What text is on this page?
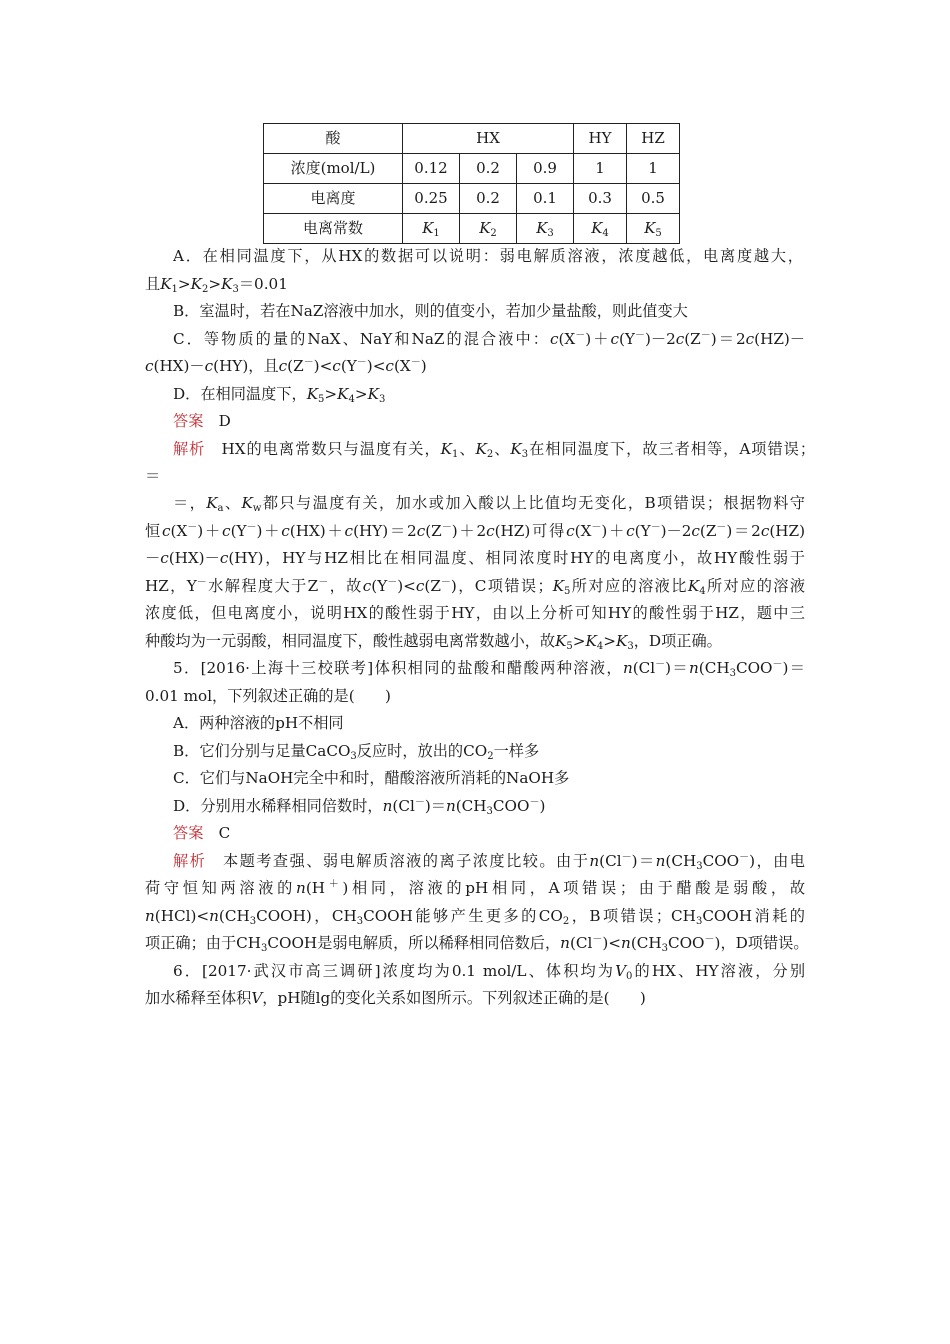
酸	HX			HY	HZ
浓度(mol/L)	0.12	0.2	0.9	1	1
电离度	0.25	0.2	0.1	0.3	0.5
电离常数	$K_1$	$K_2$	$K_3$	$K_4$	$K_5$
A．在相同温度下，从HX的数据可以说明：弱电解质溶液，浓度越低，电离度越大，
且$K_1>K_2>K_3=0.01$
B．室温时，若在NaZ溶液中加水，则的值变小，若加少量盐酸，则此值变大
C．等物质的量的NaX、NaY和NaZ的混合液中：c(X－)＋c(Y－)－2c(Z－)＝2c(HZ)－
c(HX)－c(HY)，且c(Z－)<c(Y－)<c(X－)
D．在相同温度下，$K_5>K_4>K_3$
答案　D
解析　HX的电离常数只与温度有关，$K_1$、$K_2$、$K_3$在相同温度下，故三者相等，A项错误；
＝
＝，$K_a$、$K_w$都只与温度有关，加水或加入酸以上比值均无变化，B项错误；根据物料守
恒c(X－)＋c(Y－)＋c(HX)＋c(HY)＝2c(Z－)＋2c(HZ)可得c(X－)＋c(Y－)－2c(Z－)＝2c(HZ)
－c(HX)－c(HY)，HY与HZ相比在相同温度、相同浓度时HY的电离度小，故HY酸性弱于
HZ，Y－水解程度大于Z－，故c(Y－)<c(Z－)，C项错误；$K_5$所对应的溶液比$K_4$所对应的溶液
浓度低，但电离度小，说明HX的酸性弱于HY，由以上分析可知HY的酸性弱于HZ，题中三
种酸均为一元弱酸，相同温度下，酸性越弱电离常数越小，故$K_5>K_4>K_3$，D项正确。
5．[2016·上海十三校联考]体积相同的盐酸和醋酸两种溶液，$n(Cl^-)=n(CH_3COO^-)=$
0.01 mol，下列叙述正确的是(　　)
A．两种溶液的pH不相同
B．它们分别与足量CaCO$_3$反应时，放出的$CO_2$一样多
C．它们与NaOH完全中和时，醋酸溶液所消耗的NaOH多
D．分别用水稀释相同倍数时，$n(Cl^-)=n(CH_3COO^-)$
答案　C
解析　本题考查强、弱电解质溶液的离子浓度比较。由于$n(Cl^-)=n(CH_3COO^-)$，由电
荷守恒知两溶液的n(H＋)相同，溶液的pH相同，A项错误；由于醋酸是弱酸，故
$n(HCl)<n(CH_3COOH)$，$CH_3COOH$能够产生更多的$CO_2$，B项错误；$CH_3COOH$消耗的
项正确；由于$CH_3COOH$是弱电解质，所以稀释相同倍数后，$n(Cl^-)<n(CH_3COO^-)$，D项错误。
6．[2017·武汉市高三调研]浓度均为0.1 mol/L、体积均为$V_0$的HX、HY溶液，分别
加水稀释至体积V，pH随lg的变化关系如图所示。下列叙述正确的是(　　)
